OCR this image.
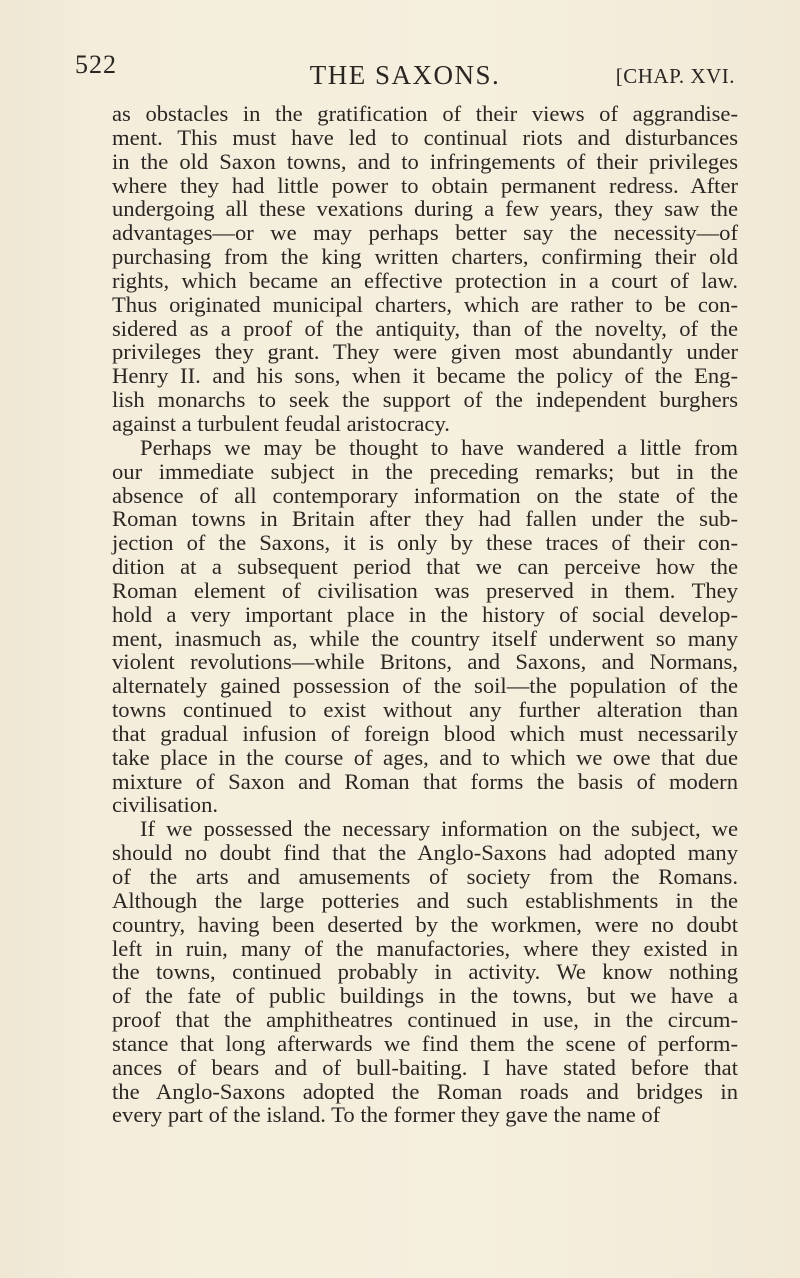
522	THE SAXONS.	[CHAP. XVI.
as obstacles in the gratification of their views of aggrandise-
ment. This must have led to continual riots and disturbances
in the old Saxon towns, and to infringements of their privileges
where they had little power to obtain permanent redress. After
undergoing all these vexations during a few years, they saw the
advantages—or we may perhaps better say the necessity—of
purchasing from the king written charters, confirming their old
rights, which became an effective protection in a court of law.
Thus originated municipal charters, which are rather to be con-
sidered as a proof of the antiquity, than of the novelty, of the
privileges they grant. They were given most abundantly under
Henry II. and his sons, when it became the policy of the Eng-
lish monarchs to seek the support of the independent burghers
against a turbulent feudal aristocracy.
Perhaps we may be thought to have wandered a little from
our immediate subject in the preceding remarks; but in the
absence of all contemporary information on the state of the
Roman towns in Britain after they had fallen under the sub-
jection of the Saxons, it is only by these traces of their con-
dition at a subsequent period that we can perceive how the
Roman element of civilisation was preserved in them. They
hold a very important place in the history of social develop-
ment, inasmuch as, while the country itself underwent so many
violent revolutions—while Britons, and Saxons, and Normans,
alternately gained possession of the soil—the population of the
towns continued to exist without any further alteration than
that gradual infusion of foreign blood which must necessarily
take place in the course of ages, and to which we owe that due
mixture of Saxon and Roman that forms the basis of modern
civilisation.
If we possessed the necessary information on the subject, we
should no doubt find that the Anglo-Saxons had adopted many
of the arts and amusements of society from the Romans.
Although the large potteries and such establishments in the
country, having been deserted by the workmen, were no doubt
left in ruin, many of the manufactories, where they existed in
the towns, continued probably in activity. We know nothing
of the fate of public buildings in the towns, but we have a
proof that the amphitheatres continued in use, in the circum-
stance that long afterwards we find them the scene of perform-
ances of bears and of bull-baiting. I have stated before that
the Anglo-Saxons adopted the Roman roads and bridges in
every part of the island. To the former they gave the name of
